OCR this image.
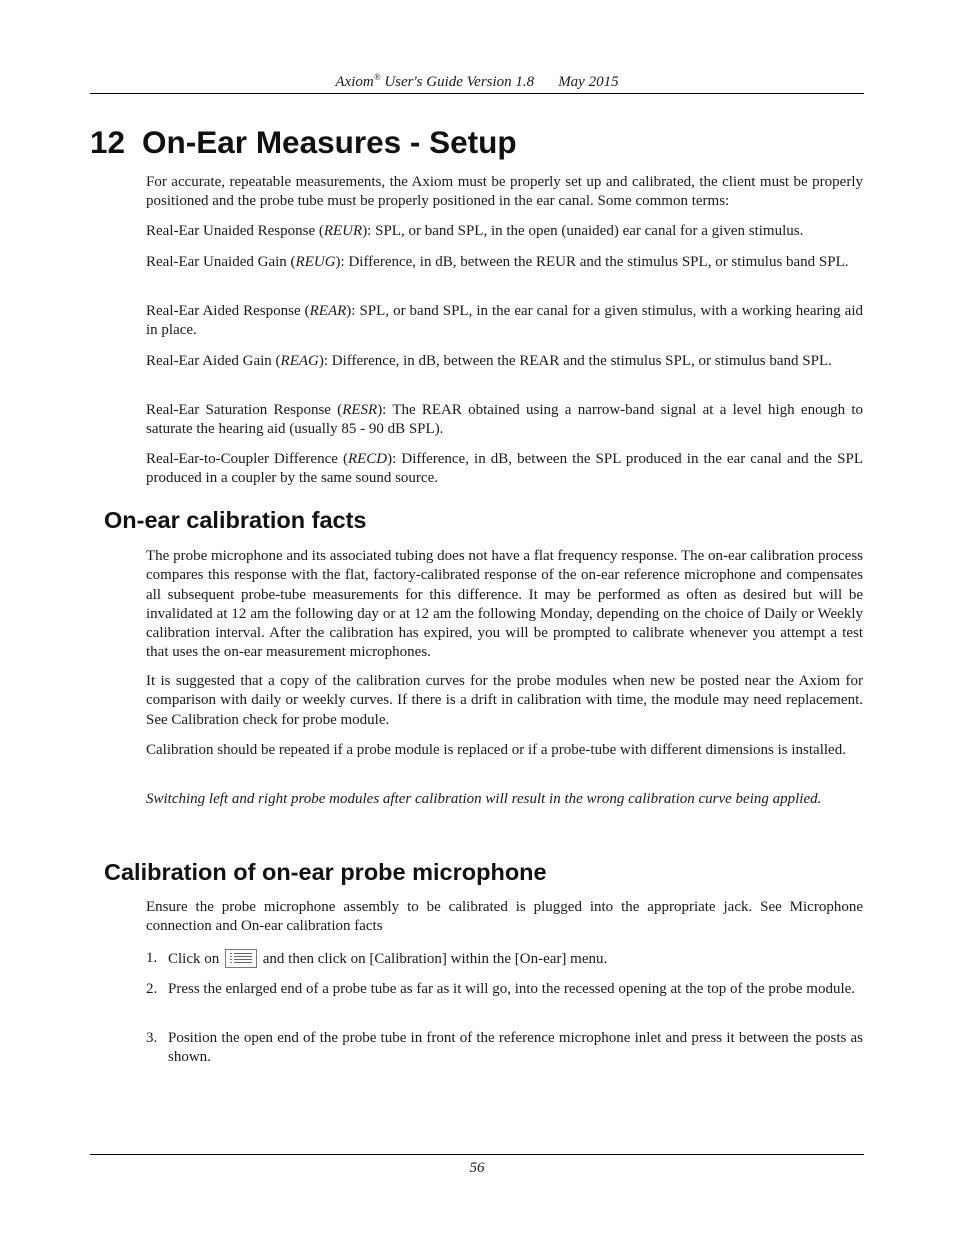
Axiom® User's Guide Version 1.8 May 2015
12 On-Ear Measures - Setup

For accurate, repeatable measurements, the Axiom must be properly set up and calibrated, the client must be properly positioned and the probe tube must be properly positioned in the ear canal. Some common terms:

Real-Ear Unaided Response (REUR): SPL, or band SPL, in the open (unaided) ear canal for a given stimulus.

Real-Ear Unaided Gain (REUG): Difference, in dB, between the REUR and the stimulus SPL, or stimulus band SPL.

Real-Ear Aided Response (REAR): SPL, or band SPL, in the ear canal for a given stimulus, with a working hearing aid in place.

Real-Ear Aided Gain (REAG): Difference, in dB, between the REAR and the stimulus SPL, or stimulus band SPL.

Real-Ear Saturation Response (RESR): The REAR obtained using a narrow-band signal at a level high enough to saturate the hearing aid (usually 85 - 90 dB SPL).

Real-Ear-to-Coupler Difference (RECD): Difference, in dB, between the SPL produced in the ear canal and the SPL produced in a coupler by the same sound source.

On-ear calibration facts

The probe microphone and its associated tubing does not have a flat frequency response. The on-ear calibration process compares this response with the flat, factory-calibrated response of the on-ear reference microphone and compensates all subsequent probe-tube measurements for this difference. It may be performed as often as desired but will be invalidated at 12 am the following day or at 12 am the following Monday, depending on the choice of Daily or Weekly calibration interval. After the calibration has expired, you will be prompted to calibrate whenever you attempt a test that uses the on-ear measurement microphones.

It is suggested that a copy of the calibration curves for the probe modules when new be posted near the Axiom for comparison with daily or weekly curves. If there is a drift in calibration with time, the module may need replacement. See Calibration check for probe module.

Calibration should be repeated if a probe module is replaced or if a probe-tube with different dimensions is installed.

Switching left and right probe modules after calibration will result in the wrong calibration curve being applied.

Calibration of on-ear probe microphone

Ensure the probe microphone assembly to be calibrated is plugged into the appropriate jack. See Microphone connection and On-ear calibration facts

1. Click on	and then click on [Calibration] within the [On-ear] menu.
2. Press the enlarged end of a probe tube as far as it will go, into the recessed opening at the top of the probe module.
3. Position the open end of the probe tube in front of the reference microphone inlet and press it between the posts as shown.
56
